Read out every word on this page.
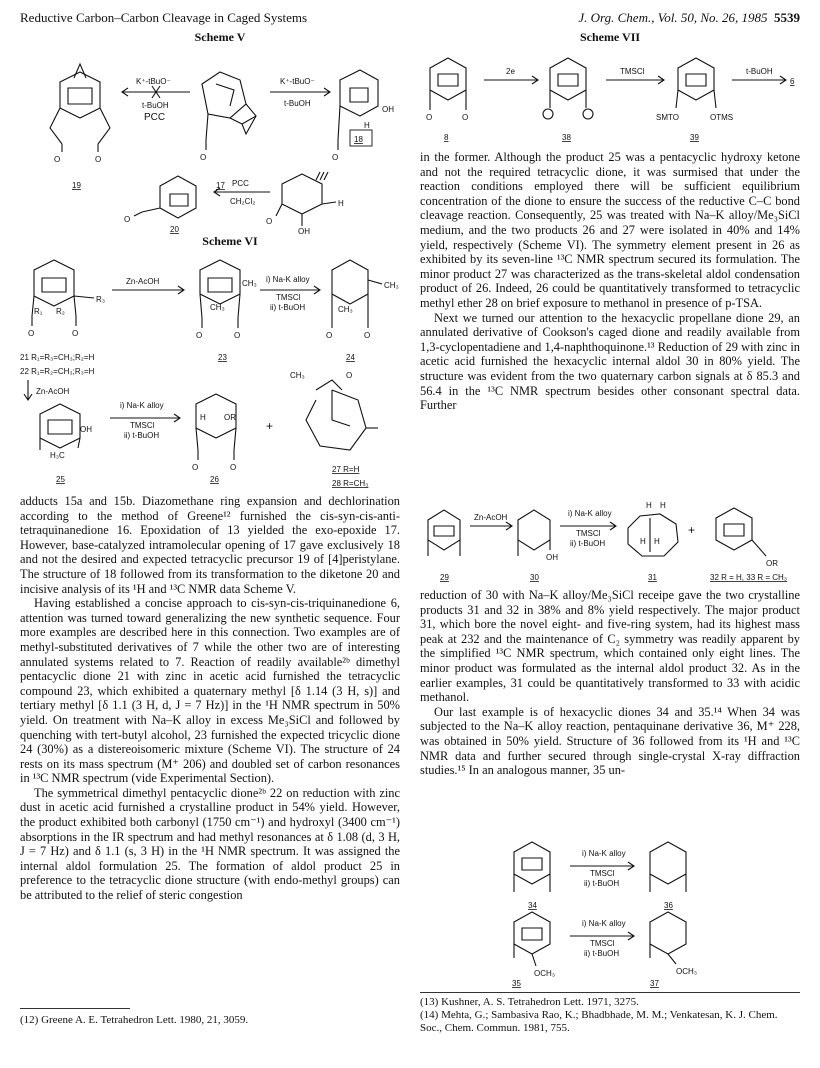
Reductive Carbon–Carbon Cleavage in Caged Systems	J. Org. Chem., Vol. 50, No. 26, 1985 5539
Scheme V
O	O
19
K⁺-tBuO⁻
t-BuOH
PCC
O
17
K⁺-tBuO⁻
t-BuOH
OH
H
O
18
O
20
PCC
CH₂Cl₂	H
O
OH
Scheme VI
R₃
R₁ R₂
O	O
Zn-AcOH	CH₃
CH₃
O	O
i) Na-K alloy
TMSCl
ii) t-BuOH
CH₃
CH₃
O	O
21 R₁=R₃=CH₃;R₂=H
22 R₁=R₂=CH₃;R₃=H
23	24
Zn-AcOH
OH
H₃C
25
i) Na-K alloy
TMSCl
ii) t-BuOH
H OR
O	O
26
+
CH₃	O
27 R=H
28 R=CH₃

adducts 15a and 15b. Diazomethane ring expansion and dechlorination according to the method of Greene¹² furnished the cis-syn-cis-anti-tetraquinanedione 16. Epoxidation of 13 yielded the exo-epoxide 17. However, base-catalyzed intramolecular opening of 17 gave exclusively 18 and not the desired and expected tetracyclic precursor 19 of [4]peristylane. The structure of 18 followed from its transformation to the diketone 20 and incisive analysis of its ¹H and ¹³C NMR data Scheme V.

Having established a concise approach to cis-syn-cis-triquinanedione 6, attention was turned toward generalizing the new synthetic sequence. Four more examples are described here in this connection. Two examples are of methyl-substituted derivatives of 7 while the other two are of interesting annulated systems related to 7. Reaction of readily available²ᵇ dimethyl pentacyclic dione 21 with zinc in acetic acid furnished the tetracyclic compound 23, which exhibited a quaternary methyl [δ 1.14 (3 H, s)] and tertiary methyl [δ 1.1 (3 H, d, J = 7 Hz)] in the ¹H NMR spectrum in 50% yield. On treatment with Na–K alloy in excess Me₃SiCl and followed by quenching with tert-butyl alcohol, 23 furnished the expected tricyclic dione 24 (30%) as a distereoisomeric mixture (Scheme VI). The structure of 24 rests on its mass spectrum (M⁺ 206) and doubled set of carbon resonances in ¹³C NMR spectrum (vide Experimental Section).

The symmetrical dimethyl pentacyclic dione²ᵇ 22 on reduction with zinc dust in acetic acid furnished a crystalline product in 54% yield. However, the product exhibited both carbonyl (1750 cm⁻¹) and hydroxyl (3400 cm⁻¹) absorptions in the IR spectrum and had methyl resonances at δ 1.08 (d, 3 H, J = 7 Hz) and δ 1.1 (s, 3 H) in the ¹H NMR spectrum. It was assigned the internal aldol formulation 25. The formation of aldol product 25 in preference to the tetracyclic dione structure (with endo-methyl groups) can be attributed to the relief of steric congestion

(12) Greene A. E. Tetrahedron Lett. 1980, 21, 3059.
Scheme VII
O	O
8
2e
38
TMSCl
SMTO	OTMS
39
t-BuOH
6

in the former. Although the product 25 was a pentacyclic hydroxy ketone and not the required tetracyclic dione, it was surmised that under the reaction conditions employed there will be sufficient equilibrium concentration of the dione to ensure the success of the reductive C–C bond cleavage reaction. Consequently, 25 was treated with Na–K alloy/Me₃SiCl medium, and the two products 26 and 27 were isolated in 40% and 14% yield, respectively (Scheme VI). The symmetry element present in 26 as exhibited by its seven-line ¹³C NMR spectrum secured its formulation. The minor product 27 was characterized as the trans-skeletal aldol condensation product of 26. Indeed, 26 could be quantitatively transformed to tetracyclic methyl ether 28 on brief exposure to methanol in presence of p-TSA.

Next we turned our attention to the hexacyclic propellane dione 29, an annulated derivative of Cookson's caged dione and readily available from 1,3-cyclopentadiene and 1,4-naphthoquinone.¹³ Reduction of 29 with zinc in acetic acid furnished the hexacyclic internal aldol 30 in 80% yield. The structure was evident from the two quaternary carbon signals at δ 85.3 and 56.4 in the ¹³C NMR spectrum besides other consonant spectral data. Further

29
Zn-AcOH
OH
30
i) Na-K alloy
TMSCl
ii) t-BuOH
H H
H H
31
+
OR
32 R = H, 33 R = CH₃

reduction of 30 with Na–K alloy/Me₃SiCl receipe gave the two crystalline products 31 and 32 in 38% and 8% yield respectively. The major product 31, which bore the novel eight- and five-ring system, had its highest mass peak at 232 and the maintenance of C₂ symmetry was readily apparent by the simplified ¹³C NMR spectrum, which contained only eight lines. The minor product was formulated as the internal aldol product 32. As in the earlier examples, 31 could be quantitatively transformed to 33 with acidic methanol.

Our last example is of hexacyclic diones 34 and 35.¹⁴ When 34 was subjected to the Na–K alloy reaction, pentaquinane derivative 36, M⁺ 228, was obtained in 50% yield. Structure of 36 followed from its ¹H and ¹³C NMR data and further secured through single-crystal X-ray diffraction studies.¹⁵ In an analogous manner, 35 un-

34
i) Na-K alloy
TMSCl
ii) t-BuOH
36
OCH₃
35
i) Na-K alloy
TMSCl
ii) t-BuOH
OCH₃
37
(13) Kushner, A. S. Tetrahedron Lett. 1971, 3275.
(14) Mehta, G.; Sambasiva Rao, K.; Bhadbhade, M. M.; Venkatesan, K. J. Chem. Soc., Chem. Commun. 1981, 755.
